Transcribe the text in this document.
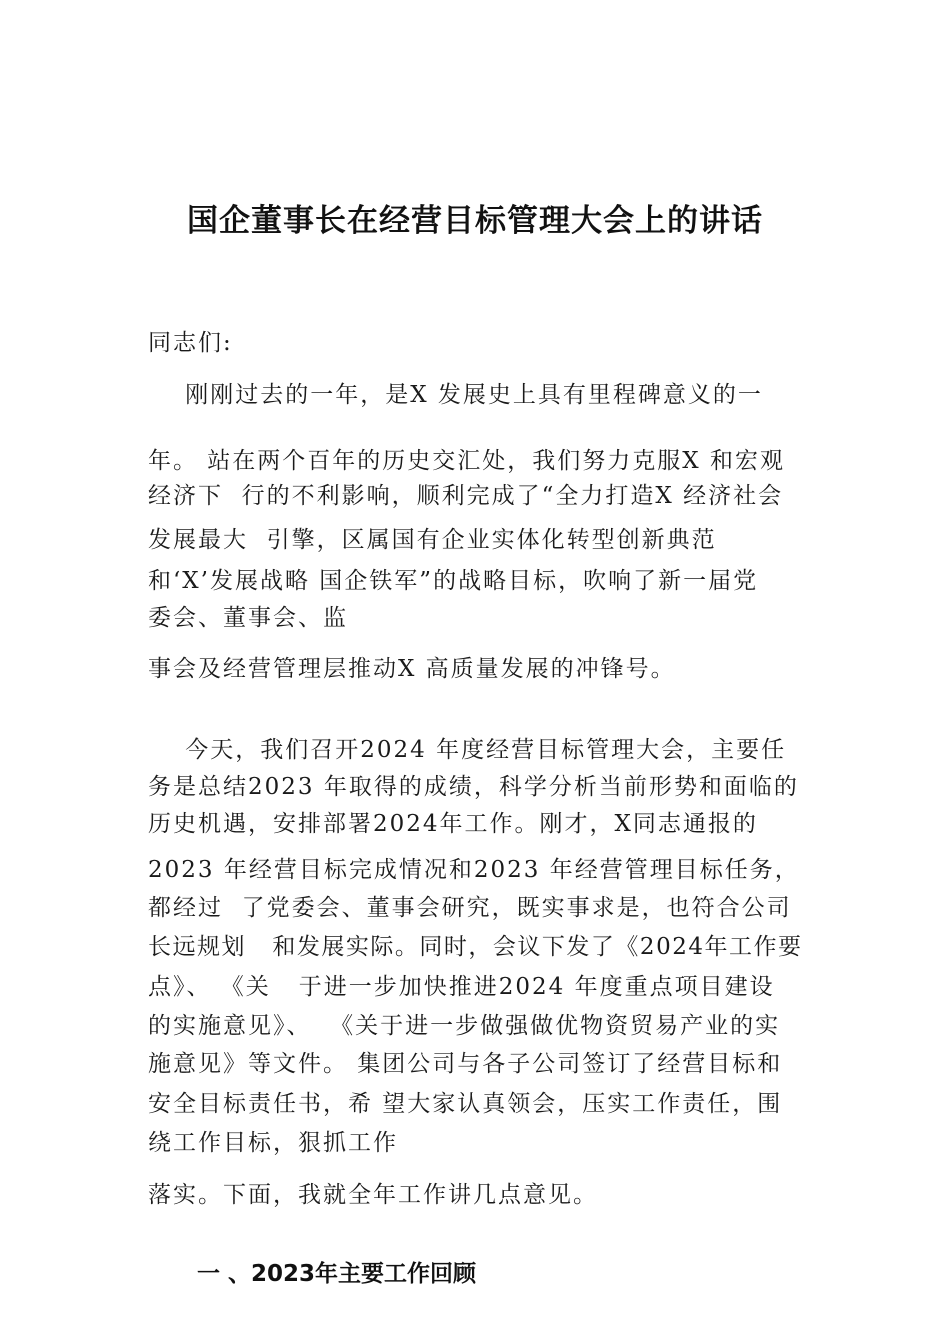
国企董事长在经营目标管理大会上的讲话
同志们:
刚刚过去的一年，是X 发展史上具有里程碑意义的一
年。 站在两个百年的历史交汇处，我们努力克服X 和宏观
经济下  行的不利影响，顺利完成了“全力打造X 经济社会
发展最大  引擎，区属国有企业实体化转型创新典范
和‘X’发展战略 国企铁军”的战略目标，吹响了新一届党
委会、董事会、监
事会及经营管理层推动X 高质量发展的冲锋号。
今天，我们召开2024 年度经营目标管理大会，主要任
务是总结2023 年取得的成绩，科学分析当前形势和面临的
历史机遇，安排部署2024年工作。刚才，X同志通报的
2023 年经营目标完成情况和2023 年经营管理目标任务，
都经过  了党委会、董事会研究，既实事求是，也符合公司
长远规划   和发展实际。同时，会议下发了《2024年工作要
点》、 《关   于进一步加快推进2024 年度重点项目建设
的实施意见》、  《关于进一步做强做优物资贸易产业的实
施意见》等文件。 集团公司与各子公司签订了经营目标和
安全目标责任书，希 望大家认真领会，压实工作责任，围
绕工作目标，狠抓工作
落实。下面，我就全年工作讲几点意见。
一 、2023年主要工作回顾
